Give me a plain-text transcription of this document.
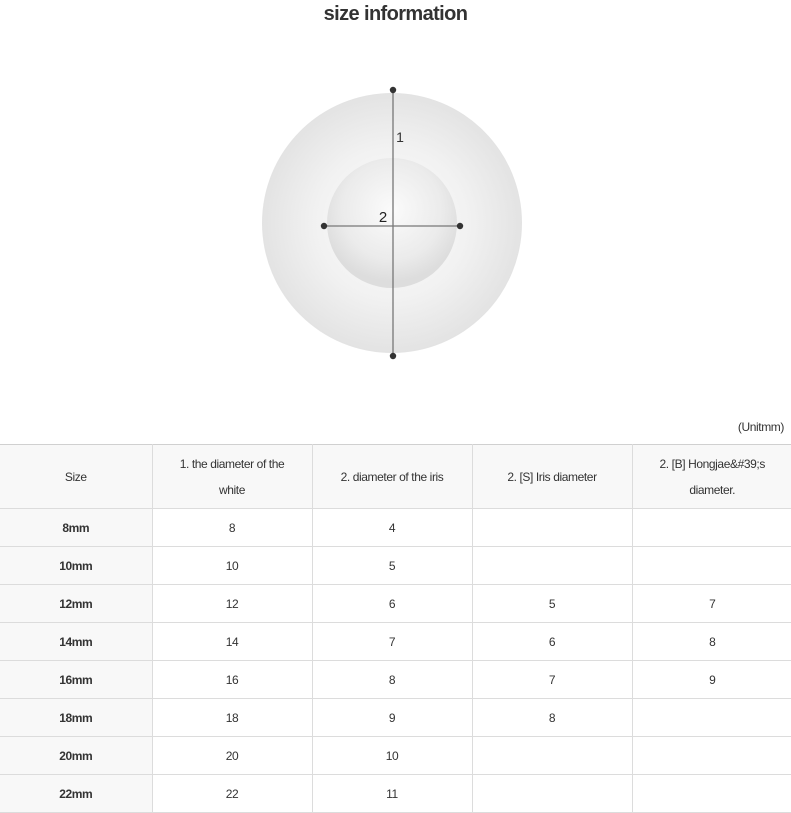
size information
1
2
(Unitmm)
Size	1. the diameter of the white	2. diameter of the iris	2. [S] Iris diameter	2. [B] Hongjae&#39;s diameter.
8mm	8	4		
10mm	10	5		
12mm	12	6	5	7
14mm	14	7	6	8
16mm	16	8	7	9
18mm	18	9	8	
20mm	20	10		
22mm	22	11		
